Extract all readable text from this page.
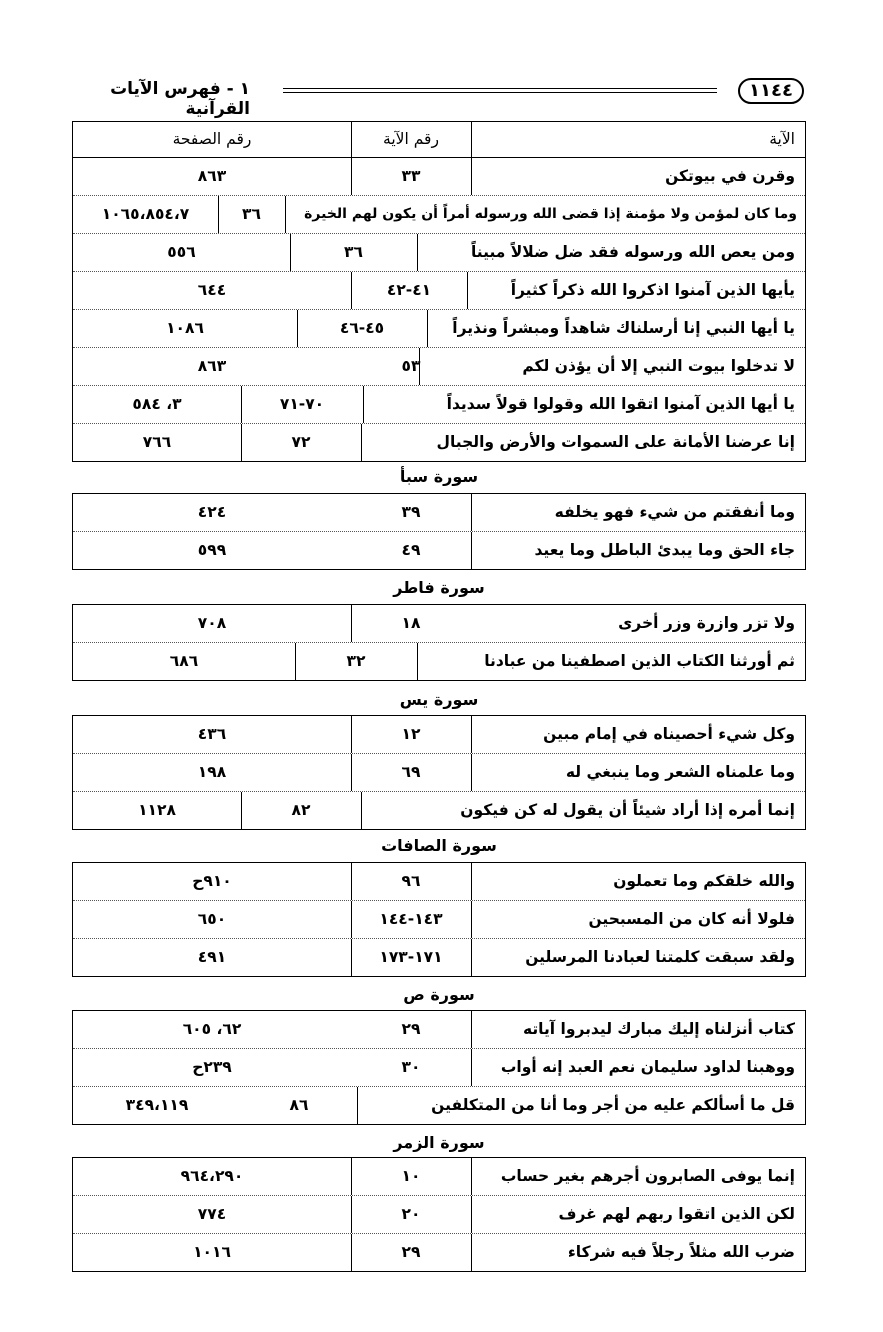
١١٤٤
١ - فهرس الآيات القرآنية
الآية
رقم الآية
رقم الصفحة
وقرن في بيوتكن
٣٣
٨٦٣
وما كان لمؤمن ولا مؤمنة إذا قضى الله ورسوله أمراً أن يكون لهم الخيرة
٣٦
١٠٦٥،٨٥٤،٧
ومن يعص الله ورسوله فقد ضل ضلالاً مبيناً
٣٦
٥٥٦
يأيها الذين آمنوا اذكروا الله ذكراً كثيراً
٤١-٤٢
٦٤٤
يا أيها النبي إنا أرسلناك شاهداً ومبشراً ونذيراً
٤٥-٤٦
١٠٨٦
لا تدخلوا بيوت النبي إلا أن يؤذن لكم
٥٣
٨٦٣
يا أيها الذين آمنوا اتقوا الله وقولوا قولاً سديداً
٧٠-٧١
٣، ٥٨٤
إنا عرضنا الأمانة على السموات والأرض والجبال
٧٢
٧٦٦
سورة سبأ
وما أنفقتم من شيء فهو يخلفه
٣٩
٤٢٤
جاء الحق وما يبدئ الباطل وما يعيد
٤٩
٥٩٩
سورة فاطر
ولا تزر وازرة وزر أخرى
١٨
٧٠٨
ثم أورثنا الكتاب الذين اصطفينا من عبادنا
٣٢
٦٨٦
سورة يس
وكل شيء أحصيناه في إمام مبين
١٢
٤٣٦
وما علمناه الشعر وما ينبغي له
٦٩
١٩٨
إنما أمره إذا أراد شيئاً أن يقول له كن فيكون
٨٢
١١٢٨
سورة الصافات
والله خلقكم وما تعملون
٩٦
٩١٠ح
فلولا أنه كان من المسبحين
١٤٣-١٤٤
٦٥٠
ولقد سبقت كلمتنا لعبادنا المرسلين
١٧١-١٧٣
٤٩١
سورة ص
كتاب أنزلناه إليك مبارك ليدبروا آياته
٢٩
٦٢، ٦٠٥
ووهبنا لداود سليمان نعم العبد إنه أواب
٣٠
٢٣٩ح
قل ما أسألكم عليه من أجر وما أنا من المتكلفين
٨٦
٣٤٩،١١٩
سورة الزمر
إنما يوفى الصابرون أجرهم بغير حساب
١٠
٩٦٤،٢٩٠
لكن الذين اتقوا ربهم لهم غرف
٢٠
٧٧٤
ضرب الله مثلاً رجلاً فيه شركاء
٢٩
١٠١٦
